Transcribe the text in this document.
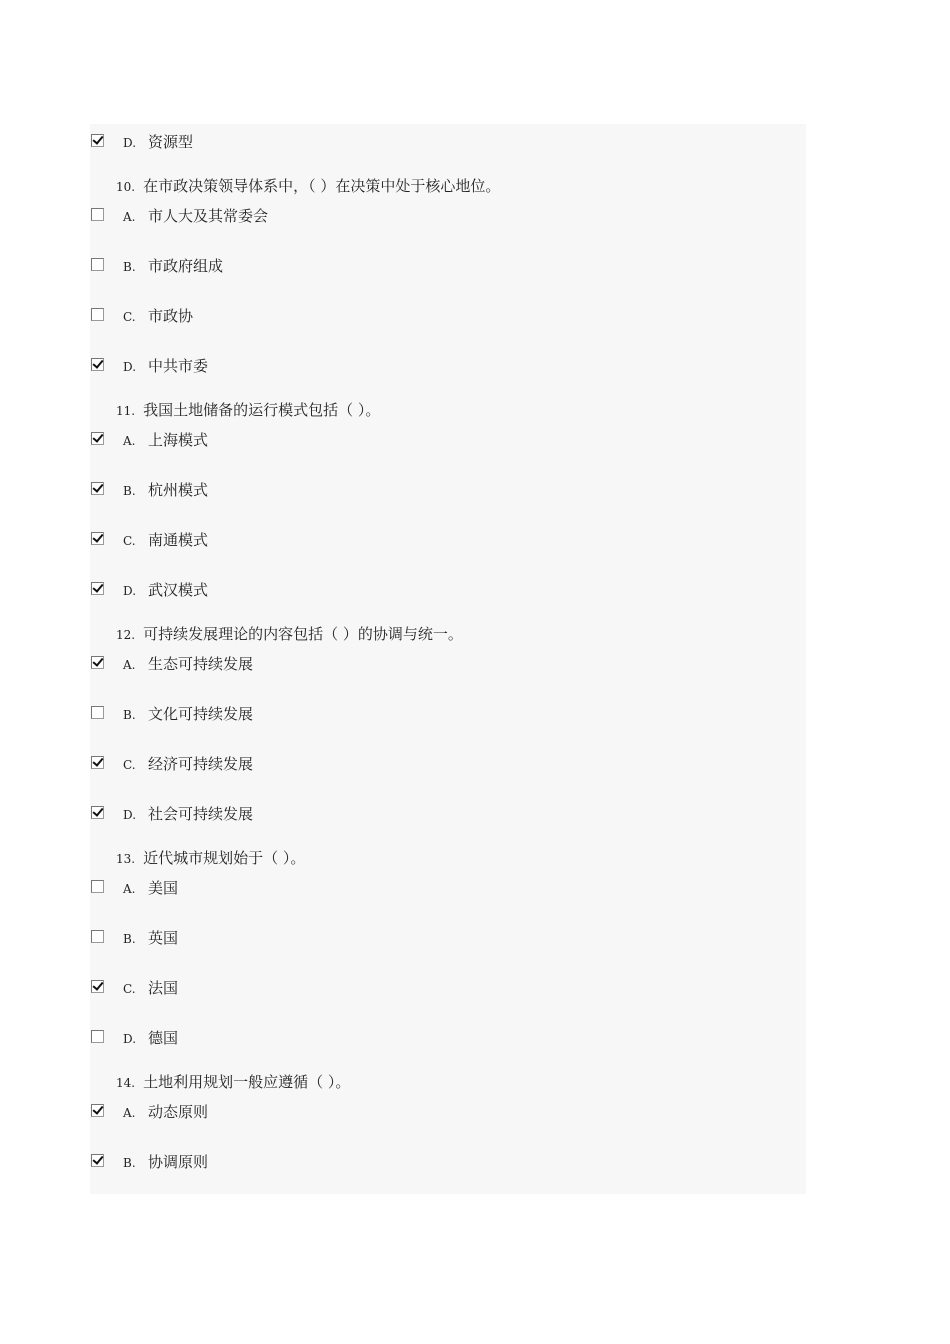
D. 资源型
10. 在市政决策领导体系中，（ ）在决策中处于核心地位。
A. 市人大及其常委会
B. 市政府组成
C. 市政协
D. 中共市委
11. 我国土地储备的运行模式包括（ ）。
A. 上海模式
B. 杭州模式
C. 南通模式
D. 武汉模式
12. 可持续发展理论的内容包括（ ）的协调与统一。
A. 生态可持续发展
B. 文化可持续发展
C. 经济可持续发展
D. 社会可持续发展
13. 近代城市规划始于（ ）。
A. 美国
B. 英国
C. 法国
D. 德国
14. 土地利用规划一般应遵循（ ）。
A. 动态原则
B. 协调原则
